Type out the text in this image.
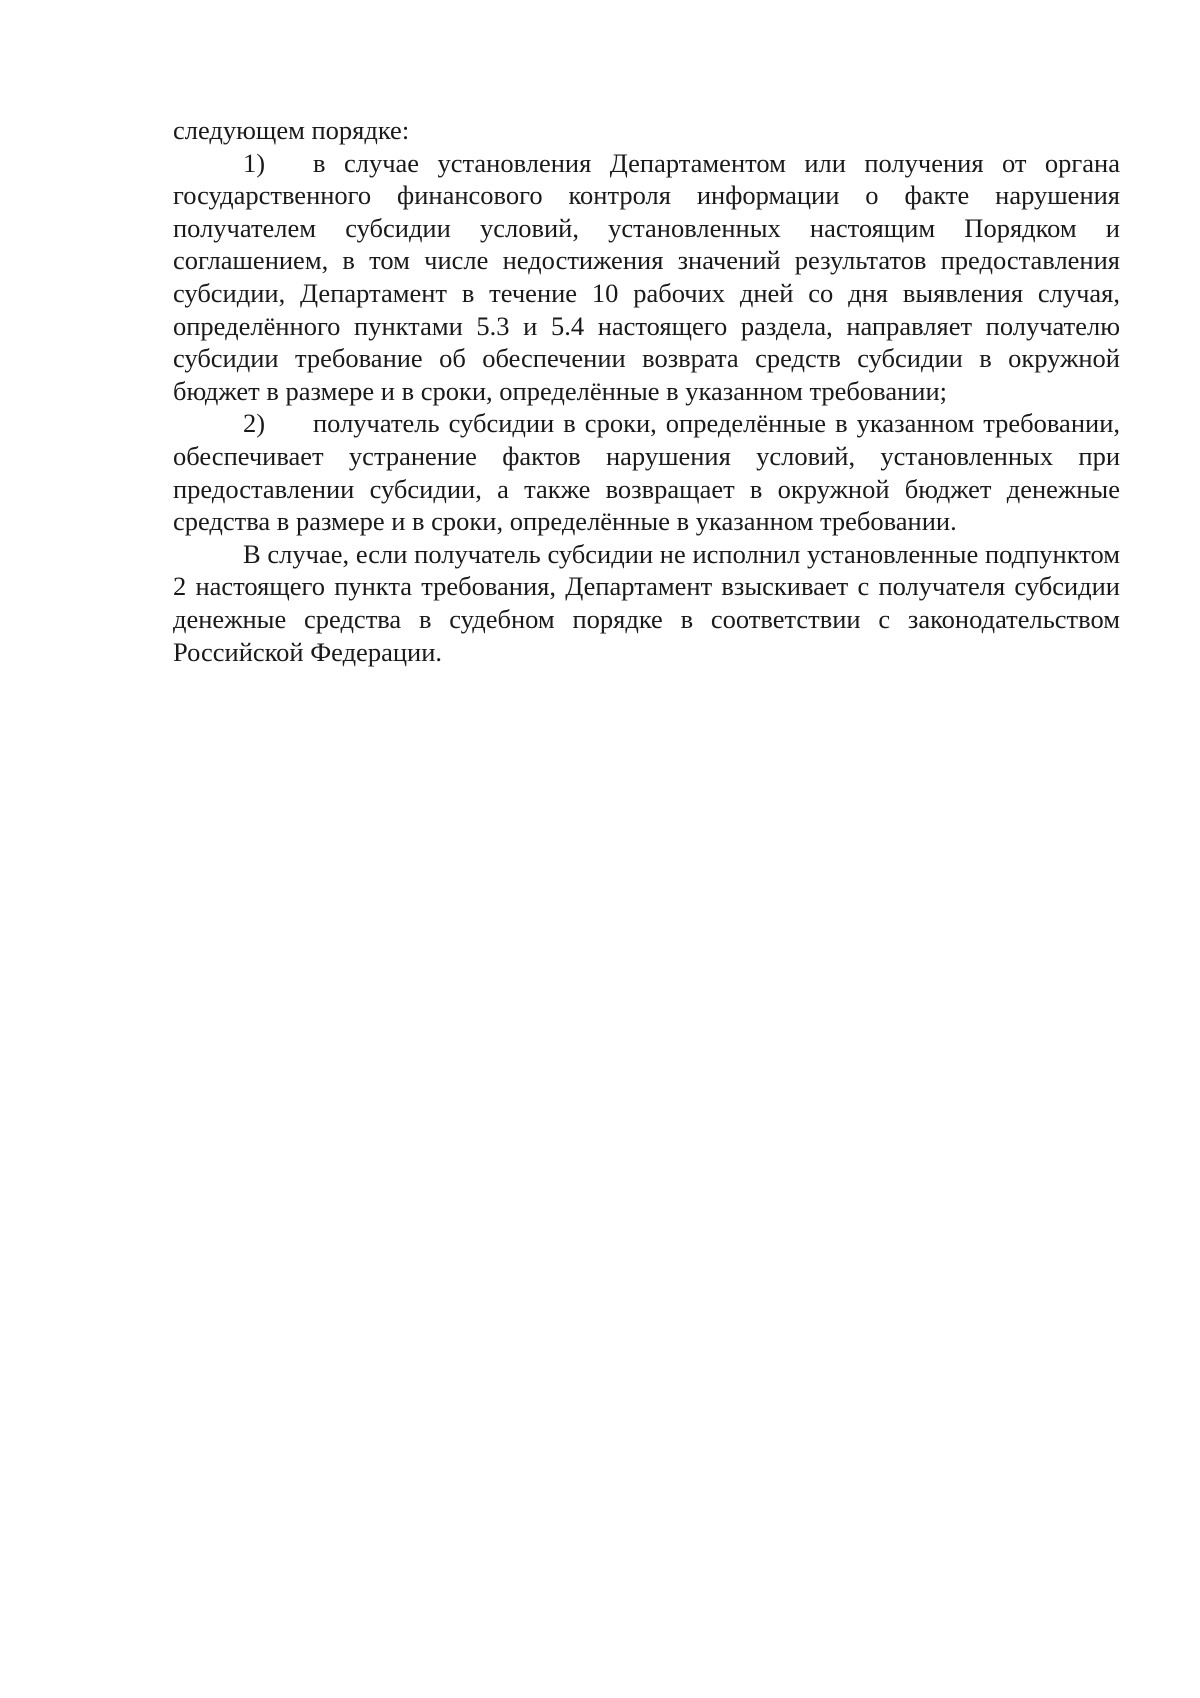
следующем порядке:

1) в случае установления Департаментом или получения от органа государственного финансового контроля информации о факте нарушения получателем субсидии условий, установленных настоящим Порядком и соглашением, в том числе недостижения значений результатов предоставления субсидии, Департамент в течение 10 рабочих дней со дня выявления случая, определённого пунктами 5.3 и 5.4 настоящего раздела, направляет получателю субсидии требование об обеспечении возврата средств субсидии в окружной бюджет в размере и в сроки, определённые в указанном требовании;

2) получатель субсидии в сроки, определённые в указанном требовании, обеспечивает устранение фактов нарушения условий, установленных при предоставлении субсидии, а также возвращает в окружной бюджет денежные средства в размере и в сроки, определённые в указанном требовании.

В случае, если получатель субсидии не исполнил установленные подпунктом 2 настоящего пункта требования, Департамент взыскивает с получателя субсидии денежные средства в судебном порядке в соответствии с законодательством Российской Федерации.
